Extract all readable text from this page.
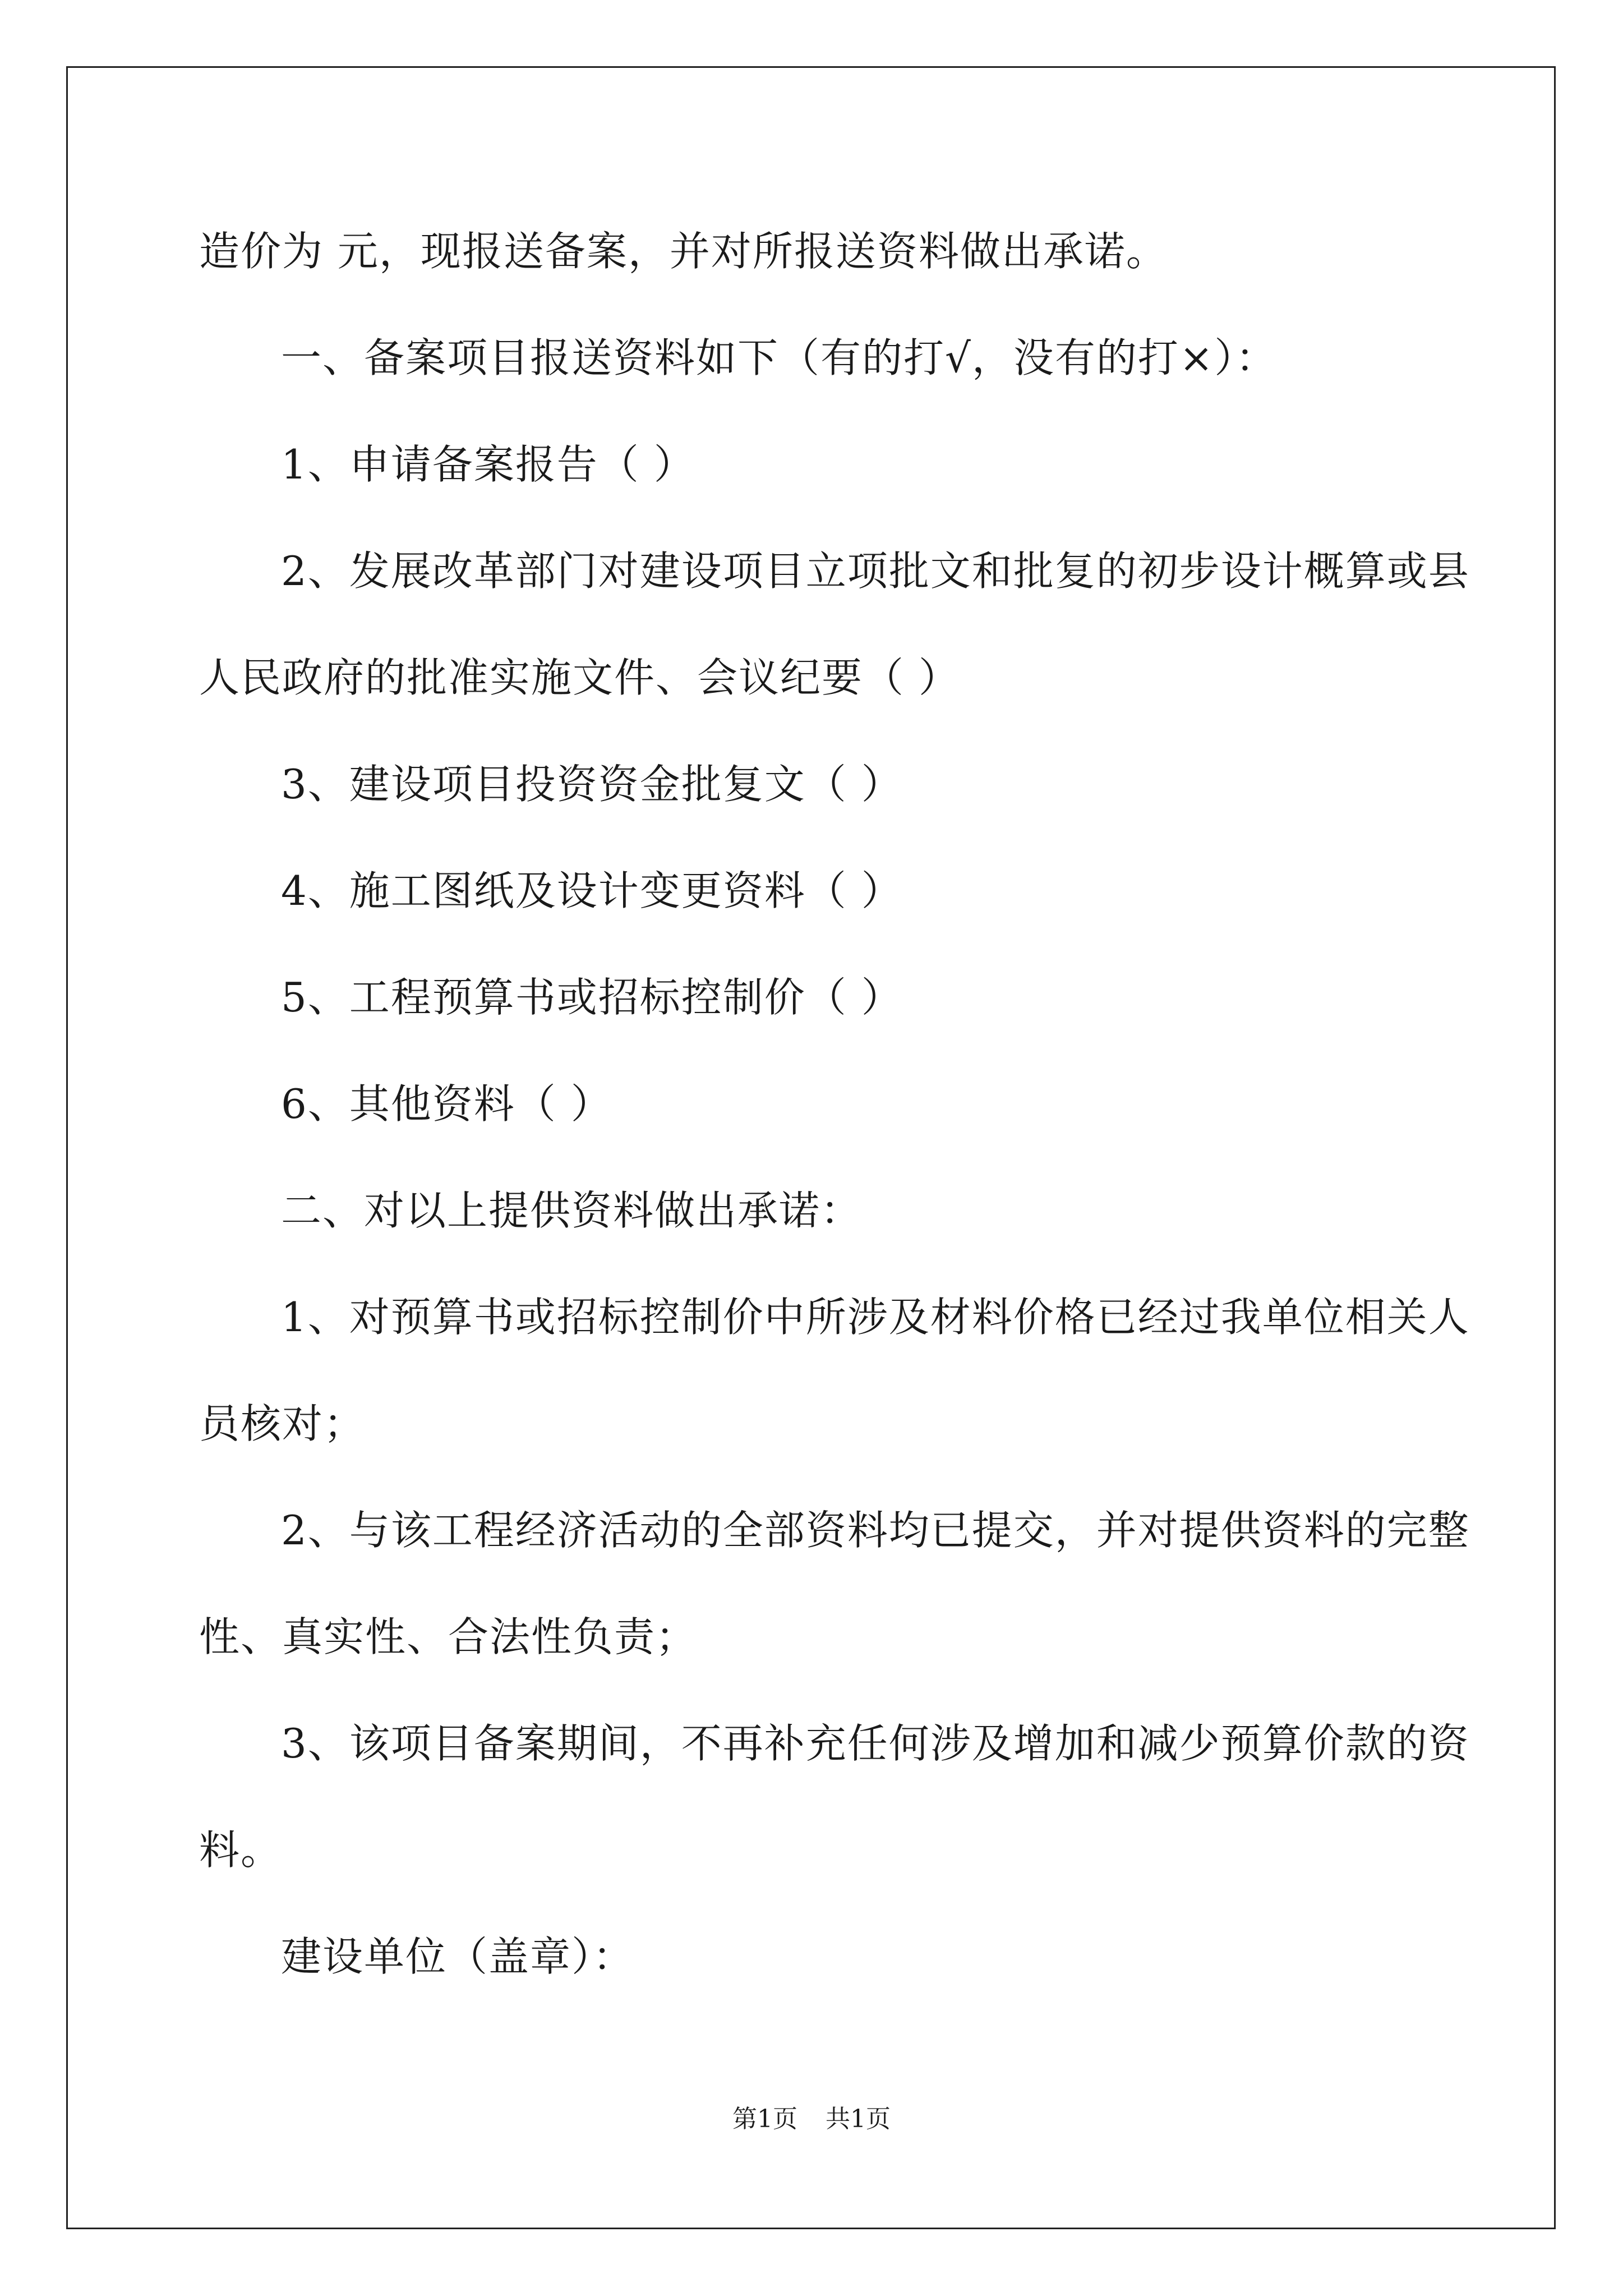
造价为 元，现报送备案，并对所报送资料做出承诺。
一、备案项目报送资料如下（有的打√，没有的打×）：
1、申请备案报告（ ）
2、发展改革部门对建设项目立项批文和批复的初步设计概算或县
人民政府的批准实施文件、会议纪要（ ）
3、建设项目投资资金批复文（ ）
4、施工图纸及设计变更资料（ ）
5、工程预算书或招标控制价（ ）
6、其他资料（ ）
二、对以上提供资料做出承诺：
1、对预算书或招标控制价中所涉及材料价格已经过我单位相关人
员核对；
2、与该工程经济活动的全部资料均已提交，并对提供资料的完整
性、真实性、合法性负责；
3、该项目备案期间，不再补充任何涉及增加和减少预算价款的资
料。
建设单位（盖章）：
第1页 共1页
